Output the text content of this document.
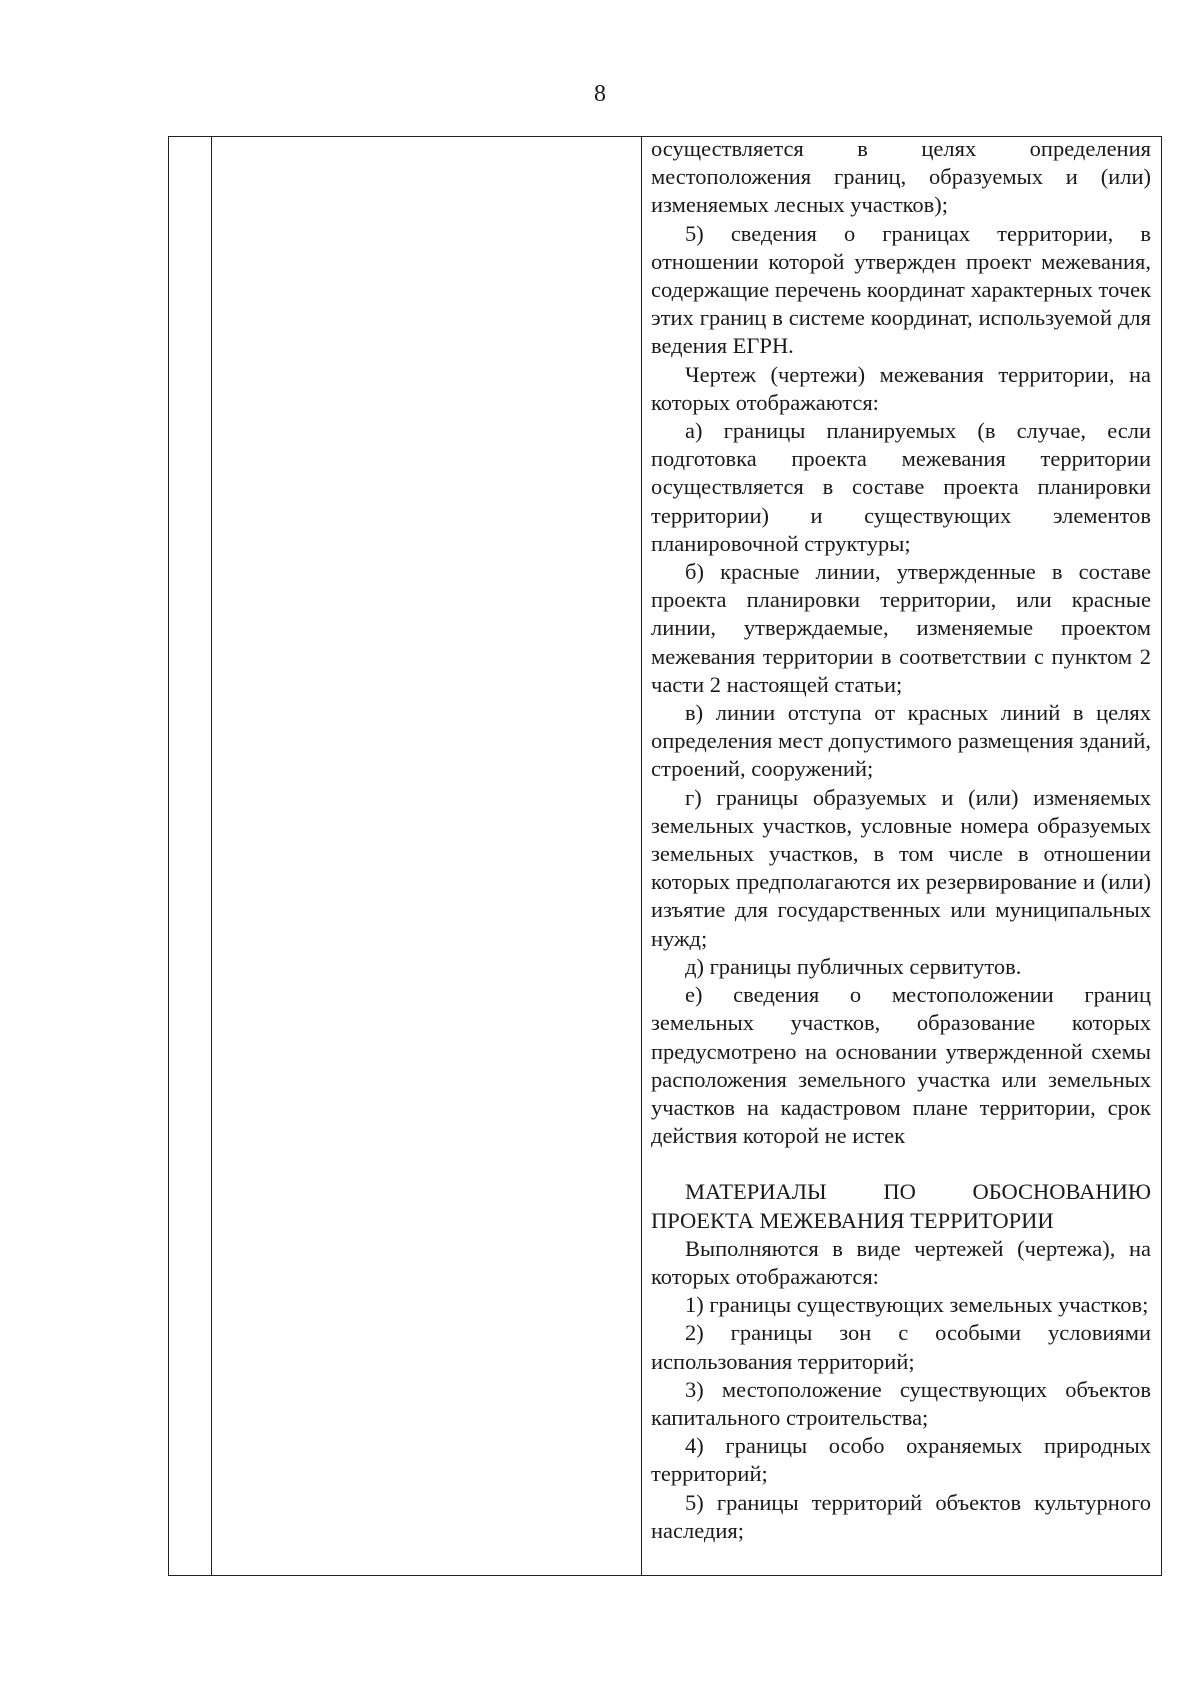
8

осуществляется в целях определения местоположения границ, образуемых и (или) изменяемых лесных участков);

5) сведения о границах территории, в отношении которой утвержден проект межевания, содержащие перечень координат характерных точек этих границ в системе координат, используемой для ведения ЕГРН.

Чертеж (чертежи) межевания территории, на которых отображаются:

а) границы планируемых (в случае, если подготовка проекта межевания территории осуществляется в составе проекта планировки территории) и существующих элементов планировочной структуры;

б) красные линии, утвержденные в составе проекта планировки территории, или красные линии, утверждаемые, изменяемые проектом межевания территории в соответствии с пунктом 2 части 2 настоящей статьи;

в) линии отступа от красных линий в целях определения мест допустимого размещения зданий, строений, сооружений;

г) границы образуемых и (или) изменяемых земельных участков, условные номера образуемых земельных участков, в том числе в отношении которых предполагаются их резервирование и (или) изъятие для государственных или муниципальных нужд;

д) границы публичных сервитутов.

е) сведения о местоположении границ земельных участков, образование которых предусмотрено на основании утвержденной схемы расположения земельного участка или земельных участков на кадастровом плане территории, срок действия которой не истек

МАТЕРИАЛЫ ПО ОБОСНОВАНИЮ ПРОЕКТА МЕЖЕВАНИЯ ТЕРРИТОРИИ

Выполняются в виде чертежей (чертежа), на которых отображаются:

1) границы существующих земельных участков;

2) границы зон с особыми условиями использования территорий;

3) местоположение существующих объектов капитального строительства;

4) границы особо охраняемых природных территорий;

5) границы территорий объектов культурного наследия;
